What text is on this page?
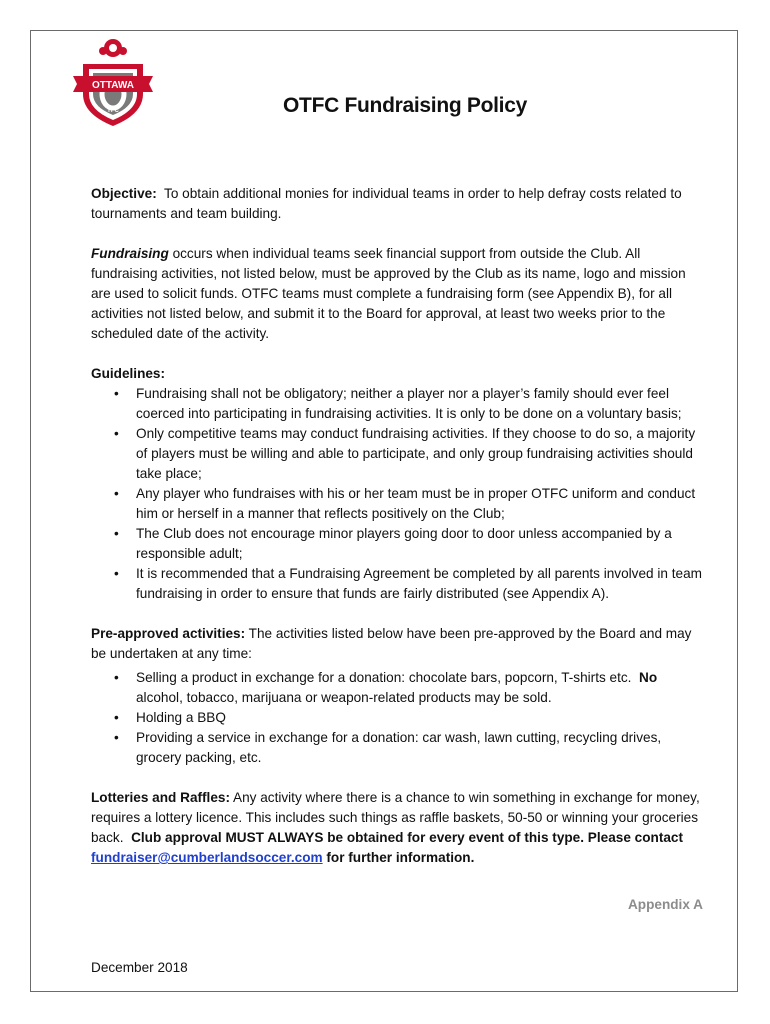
OTTAWA
TFC	OTFC Fundraising Policy

Objective: To obtain additional monies for individual teams in order to help defray costs related to tournaments and team building.

Fundraising occurs when individual teams seek financial support from outside the Club. All fundraising activities, not listed below, must be approved by the Club as its name, logo and mission are used to solicit funds. OTFC teams must complete a fundraising form (see Appendix B), for all activities not listed below, and submit it to the Board for approval, at least two weeks prior to the scheduled date of the activity.

Guidelines:

• Fundraising shall not be obligatory; neither a player nor a player’s family should ever feel coerced into participating in fundraising activities. It is only to be done on a voluntary basis;
• Only competitive teams may conduct fundraising activities. If they choose to do so, a majority of players must be willing and able to participate, and only group fundraising activities should take place;
• Any player who fundraises with his or her team must be in proper OTFC uniform and conduct him or herself in a manner that reflects positively on the Club;
• The Club does not encourage minor players going door to door unless accompanied by a responsible adult;
• It is recommended that a Fundraising Agreement be completed by all parents involved in team fundraising in order to ensure that funds are fairly distributed (see Appendix A).

Pre-approved activities: The activities listed below have been pre-approved by the Board and may be undertaken at any time:

• Selling a product in exchange for a donation: chocolate bars, popcorn, T-shirts etc. No alcohol, tobacco, marijuana or weapon-related products may be sold.
• Holding a BBQ
• Providing a service in exchange for a donation: car wash, lawn cutting, recycling drives, grocery packing, etc.

Lotteries and Raffles: Any activity where there is a chance to win something in exchange for money, requires a lottery licence. This includes such things as raffle baskets, 50-50 or winning your groceries back. Club approval MUST ALWAYS be obtained for every event of this type. Please contact fundraiser@cumberlandsoccer.com for further information.

Appendix A
December 2018
